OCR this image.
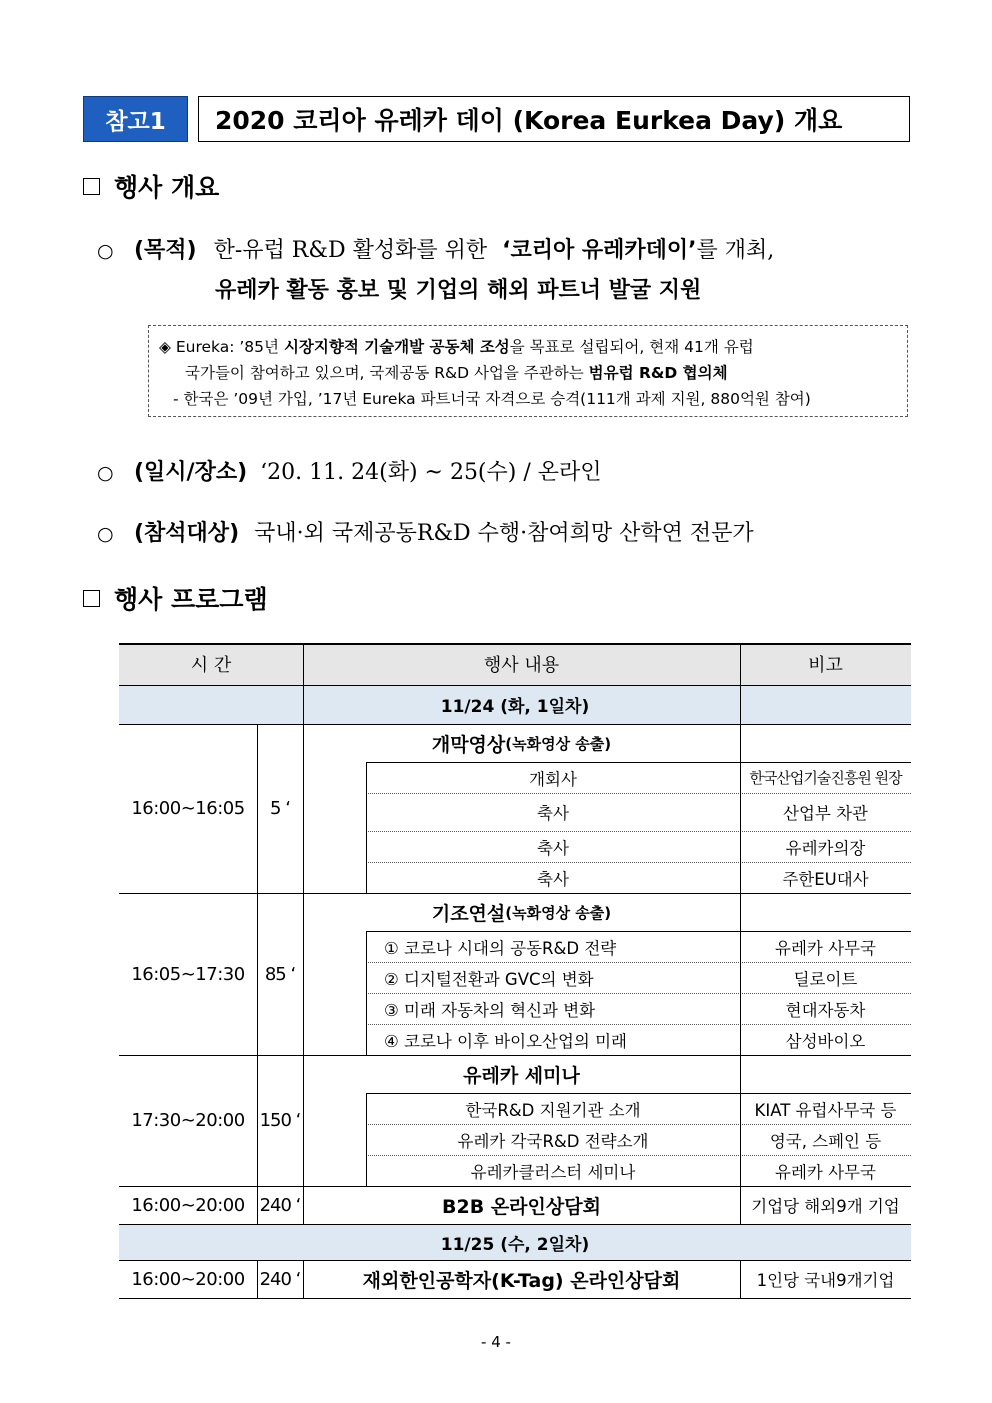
참고1	2020 코리아 유레카 데이 (Korea Eurkea Day) 개요
행사 개요
○ (목적) 한-유럽 R&D 활성화를 위한 ‘코리아 유레카데이’를 개최,
유레카 활동 홍보 및 기업의 해외 파트너 발굴 지원
◈ Eureka: ’85년 시장지향적 기술개발 공동체 조성을 목표로 설립되어, 현재 41개 유럽
국가들이 참여하고 있으며, 국제공동 R&D 사업을 주관하는 범유럽 R&D 협의체
- 한국은 ’09년 가입, ’17년 Eureka 파트너국 자격으로 승격(111개 과제 지원, 880억원 참여)
○ (일시/장소) ‘20. 11. 24(화) ~ 25(수) / 온라인
○ (참석대상) 국내·외 국제공동R&D 수행·참여희망 산학연 전문가
행사 프로그램
시 간	행사 내용	비고
11/24 (화, 1일차)
16:00∼16:05	5 ‘
개막영상 (녹화영상 송출)
개회사	한국산업기술진흥원 원장
축사	산업부 차관
축사	유레카의장
축사	주한EU대사
16:05∼17:30	85 ‘
기조연설 (녹화영상 송출)
① 코로나 시대의 공동R&D 전략	유레카 사무국
② 디지털전환과 GVC의 변화	딜로이트
③ 미래 자동차의 혁신과 변화	현대자동차
④ 코로나 이후 바이오산업의 미래	삼성바이오
17:30∼20:00 150 ‘
유레카 세미나
한국R&D 지원기관 소개	KIAT 유럽사무국 등
유레카 각국R&D 전략소개	영국, 스페인 등
유레카클러스터 세미나	유레카 사무국
16:00∼20:00 240 ‘	B2B 온라인상담회	기업당 해외9개 기업
11/25 (수, 2일차)
16:00∼20:00 240 ‘	재외한인공학자(K-Tag) 온라인상담회	1인당 국내9개기업
- 4 -
